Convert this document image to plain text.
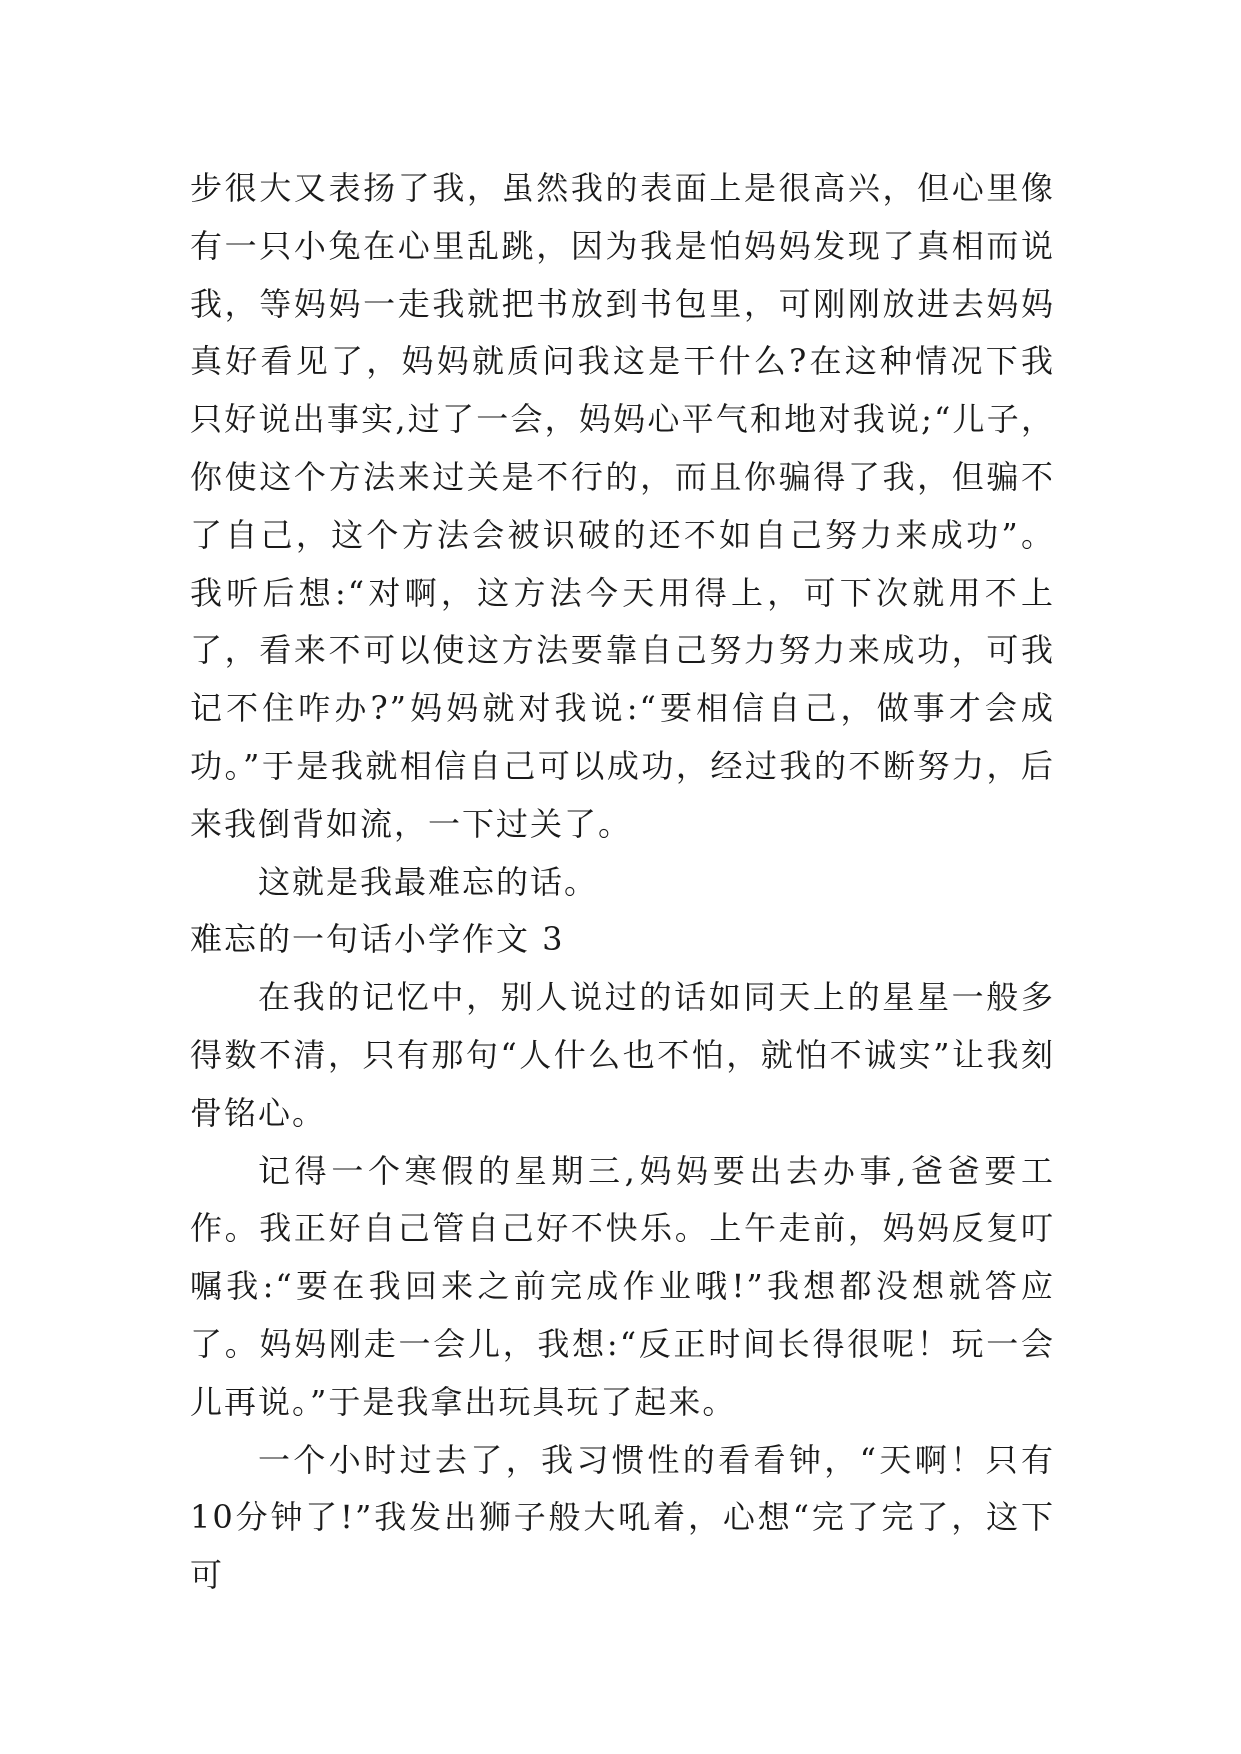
步很大又表扬了我，虽然我的表面上是很高兴，但心里像有一只小兔在心里乱跳，因为我是怕妈妈发现了真相而说我，等妈妈一走我就把书放到书包里，可刚刚放进去妈妈真好看见了，妈妈就质问我这是干什么?在这种情况下我只好说出事实,过了一会，妈妈心平气和地对我说;“儿子，你使这个方法来过关是不行的，而且你骗得了我，但骗不了自己，这个方法会被识破的还不如自己努力来成功”。我听后想:“对啊，这方法今天用得上，可下次就用不上了，看来不可以使这方法要靠自己努力努力来成功，可我记不住咋办?”妈妈就对我说:“要相信自己，做事才会成功。”于是我就相信自己可以成功，经过我的不断努力，后来我倒背如流，一下过关了。

这就是我最难忘的话。

难忘的一句话小学作文 3

在我的记忆中，别人说过的话如同天上的星星一般多得数不清，只有那句“人什么也不怕，就怕不诚实”让我刻骨铭心。

记得一个寒假的星期三,妈妈要出去办事,爸爸要工作。我正好自己管自己好不快乐。上午走前，妈妈反复叮嘱我:“要在我回来之前完成作业哦!”我想都没想就答应了。妈妈刚走一会儿，我想:“反正时间长得很呢！玩一会儿再说。”于是我拿出玩具玩了起来。

一个小时过去了，我习惯性的看看钟，“天啊！只有 10分钟了!”我发出狮子般大吼着，心想“完了完了，这下可
